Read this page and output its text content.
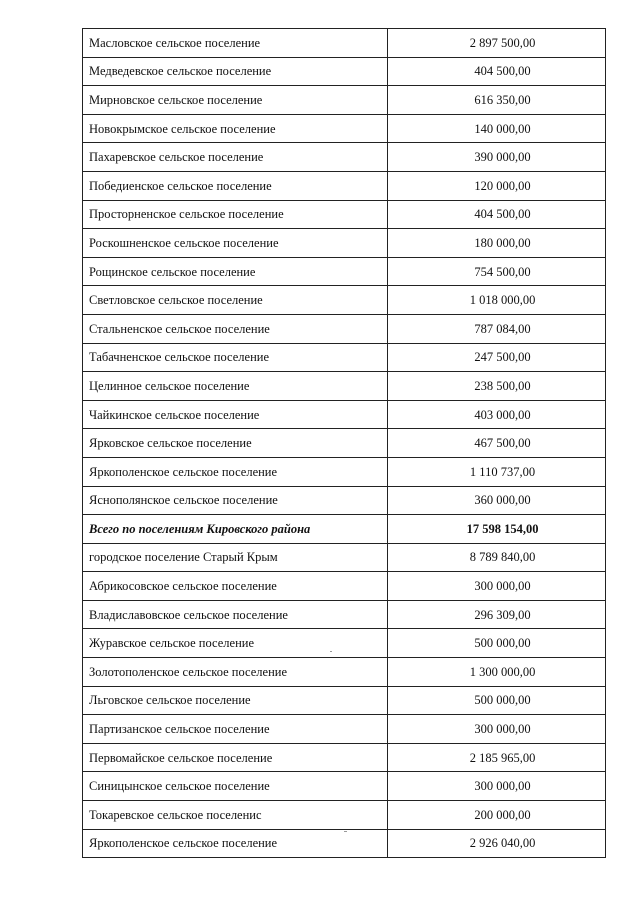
Масловское сельское поселение	2 897 500,00
Медведевское сельское поселение	404 500,00
Мирновское сельское поселение	616 350,00
Новокрымское сельское поселение	140 000,00
Пахаревское сельское поселение	390 000,00
Победиенское сельское поселение	120 000,00
Просторненское сельское поселение	404 500,00
Роскошненское сельское поселение	180 000,00
Рощинское сельское поселение	754 500,00
Светловское сельское поселение	1 018 000,00
Стальненское сельское поселение	787 084,00
Табачненское сельское поселение	247 500,00
Целинное сельское поселение	238 500,00
Чайкинское сельское поселение	403 000,00
Ярковское сельское поселение	467 500,00
Яркополенское сельское поселение	1 110 737,00
Яснополянское сельское поселение	360 000,00
Всего по поселениям Кировского района	17 598 154,00
городское поселение Старый Крым	8 789 840,00
Абрикосовское сельское поселение	300 000,00
Владиславовское сельское поселение	296 309,00
Журавское сельское поселение	500 000,00
Золотополенское сельское поселение	1 300 000,00
Льговское сельское поселение	500 000,00
Партизанское сельское поселение	300 000,00
Первомайское сельское поселение	2 185 965,00
Синицынское сельское поселение	300 000,00
Токаревское сельское поселенис	200 000,00
Яркополенское сельское поселение	2 926 040,00
